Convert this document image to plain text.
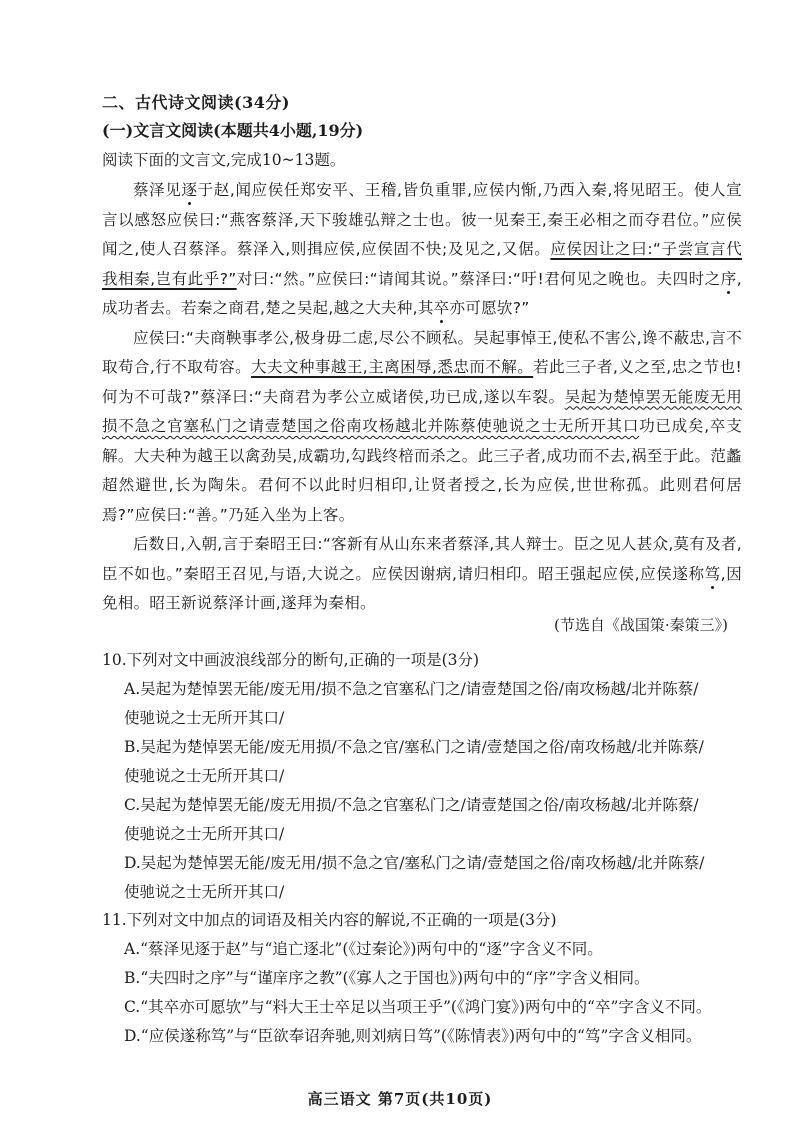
二、古代诗文阅读(34分)
(一)文言文阅读(本题共4小题,19分)
阅读下面的文言文,完成10~13题。

蔡泽见逐于赵,闻应侯任郑安平、王稽,皆负重罪,应侯内惭,乃西入秦,将见昭王。使人宣言以感怒应侯曰:“燕客蔡泽,天下骏雄弘辩之士也。彼一见秦王,秦王必相之而夺君位。”应侯闻之,使人召蔡泽。蔡泽入,则揖应侯,应侯固不快;及见之,又倨。应侯因让之曰:“子尝宣言代我相秦,岂有此乎?”对曰:“然。”应侯曰:“请闻其说。”蔡泽曰:“吁!君何见之晚也。夫四时之序,成功者去。若秦之商君,楚之吴起,越之大夫种,其卒亦可愿欤?”

应侯曰:“夫商鞅事孝公,极身毋二虑,尽公不顾私。吴起事悼王,使私不害公,谗不蔽忠,言不取苟合,行不取苟容。大夫文种事越王,主离困辱,悉忠而不解。若此三子者,义之至,忠之节也!何为不可哉?”蔡泽曰:“夫商君为孝公立威诸侯,功已成,遂以车裂。吴起为楚悼罢无能废无用损不急之官塞私门之请壹楚国之俗南攻杨越北并陈蔡使驰说之士无所开其口功已成矣,卒支解。大夫种为越王以禽劲吴,成霸功,勾践终棓而杀之。此三子者,成功而不去,祸至于此。范蠡超然避世,长为陶朱。君何不以此时归相印,让贤者授之,长为应侯,世世称孤。此则君何居焉?”应侯曰:“善。”乃延入坐为上客。

后数日,入朝,言于秦昭王曰:“客新有从山东来者蔡泽,其人辩士。臣之见人甚众,莫有及者,臣不如也。”秦昭王召见,与语,大说之。应侯因谢病,请归相印。昭王强起应侯,应侯遂称笃,因免相。昭王新说蔡泽计画,遂拜为秦相。

(节选自《战国策·秦策三》)

10.下列对文中画波浪线部分的断句,正确的一项是(3分)

A.吴起为楚悼罢无能/废无用/损不急之官塞私门之/请壹楚国之俗/南攻杨越/北并陈蔡/
使驰说之士无所开其口/

B.吴起为楚悼罢无能/废无用损/不急之官/塞私门之请/壹楚国之俗/南攻杨越/北并陈蔡/
使驰说之士无所开其口/

C.吴起为楚悼罢无能/废无用损/不急之官塞私门之/请壹楚国之俗/南攻杨越/北并陈蔡/
使驰说之士无所开其口/

D.吴起为楚悼罢无能/废无用/损不急之官/塞私门之请/壹楚国之俗/南攻杨越/北并陈蔡/
使驰说之士无所开其口/

11.下列对文中加点的词语及相关内容的解说,不正确的一项是(3分)

A.“蔡泽见逐于赵”与“追亡逐北”(《过秦论》)两句中的“逐”字含义不同。

B.“夫四时之序”与“谨庠序之教”(《寡人之于国也》)两句中的“序”字含义相同。

C.“其卒亦可愿欤”与“料大王士卒足以当项王乎”(《鸿门宴》)两句中的“卒”字含义不同。

D.“应侯遂称笃”与“臣欲奉诏奔驰,则刘病日笃”(《陈情表》)两句中的“笃”字含义相同。

高三语文 第7页(共10页)
